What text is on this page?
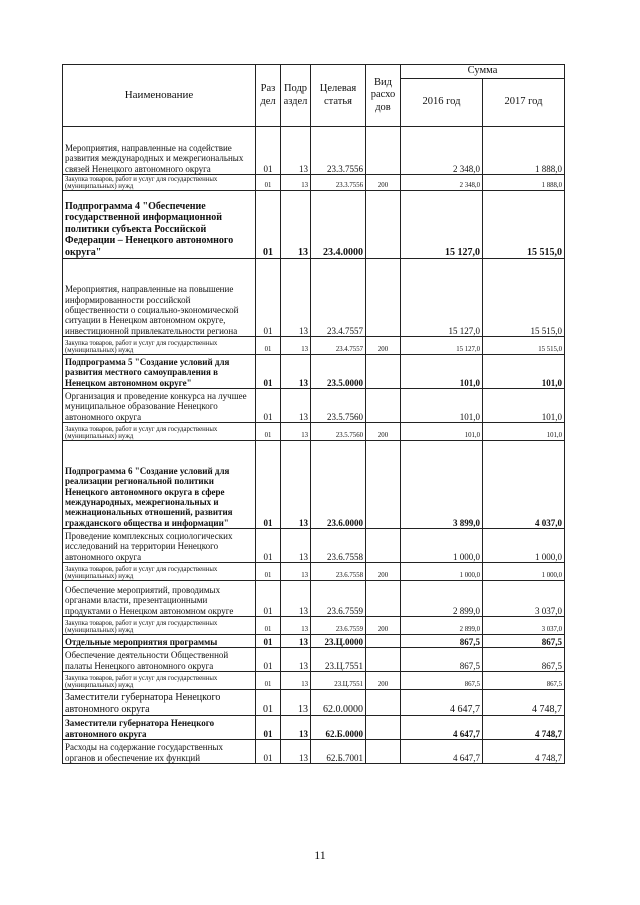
Наименование	Раз дел	Подр аздел	Целевая статья	Вид расхо дов	Сумма	
					2016 год	2017 год
Мероприятия, направленные на содействие развития международных и межрегиональных связей Ненецкого автономного округа	01	13	23.3.7556		2 348,0	1 888,0
Закупка товаров, работ и услуг для государственных (муниципальных) нужд	01	13	23.3.7556	200	2 348,0	1 888,0
Подпрограмма 4 "Обеспечение государственной информационной политики субъекта Российской Федерации – Ненецкого автономного округа"	01	13	23.4.0000		15 127,0	15 515,0
Мероприятия, направленные на повышение информированности российской общественности о социально-экономической ситуации в Ненецком автономном округе, инвестиционной привлекательности региона	01	13	23.4.7557		15 127,0	15 515,0
Закупка товаров, работ и услуг для государственных (муниципальных) нужд	01	13	23.4.7557	200	15 127,0	15 515,0
Подпрограмма 5 "Создание условий для развития местного самоуправления в Ненецком автономном округе"	01	13	23.5.0000		101,0	101,0
Организация и проведение конкурса на лучшее муниципальное образование Ненецкого автономного округа	01	13	23.5.7560		101,0	101,0
Закупка товаров, работ и услуг для государственных (муниципальных) нужд	01	13	23.5.7560	200	101,0	101,0
Подпрограмма 6 "Создание условий для реализации региональной политики Ненецкого автономного округа в сфере международных, межрегиональных и межнациональных отношений, развития гражданского общества и информации"	01	13	23.6.0000		3 899,0	4 037,0
Проведение комплексных социологических исследований на территории Ненецкого автономного округа	01	13	23.6.7558		1 000,0	1 000,0
Закупка товаров, работ и услуг для государственных (муниципальных) нужд	01	13	23.6.7558	200	1 000,0	1 000,0
Обеспечение мероприятий, проводимых органами власти, презентационными продуктами о Ненецком автономном округе	01	13	23.6.7559		2 899,0	3 037,0
Закупка товаров, работ и услуг для государственных (муниципальных) нужд	01	13	23.6.7559	200	2 899,0	3 037,0
Отдельные мероприятия программы	01	13	23.Ц.0000		867,5	867,5
Обеспечение деятельности Общественной палаты Ненецкого автономного округа	01	13	23.Ц.7551		867,5	867,5
Закупка товаров, работ и услуг для государственных (муниципальных) нужд	01	13	23.Ц.7551	200	867,5	867,5
Заместители губернатора Ненецкого автономного округа	01	13	62.0.0000		4 647,7	4 748,7
Заместители губернатора Ненецкого автономного округа	01	13	62.Б.0000		4 647,7	4 748,7
Расходы на содержание государственных органов и обеспечение их функций	01	13	62.Б.7001		4 647,7	4 748,7
11
